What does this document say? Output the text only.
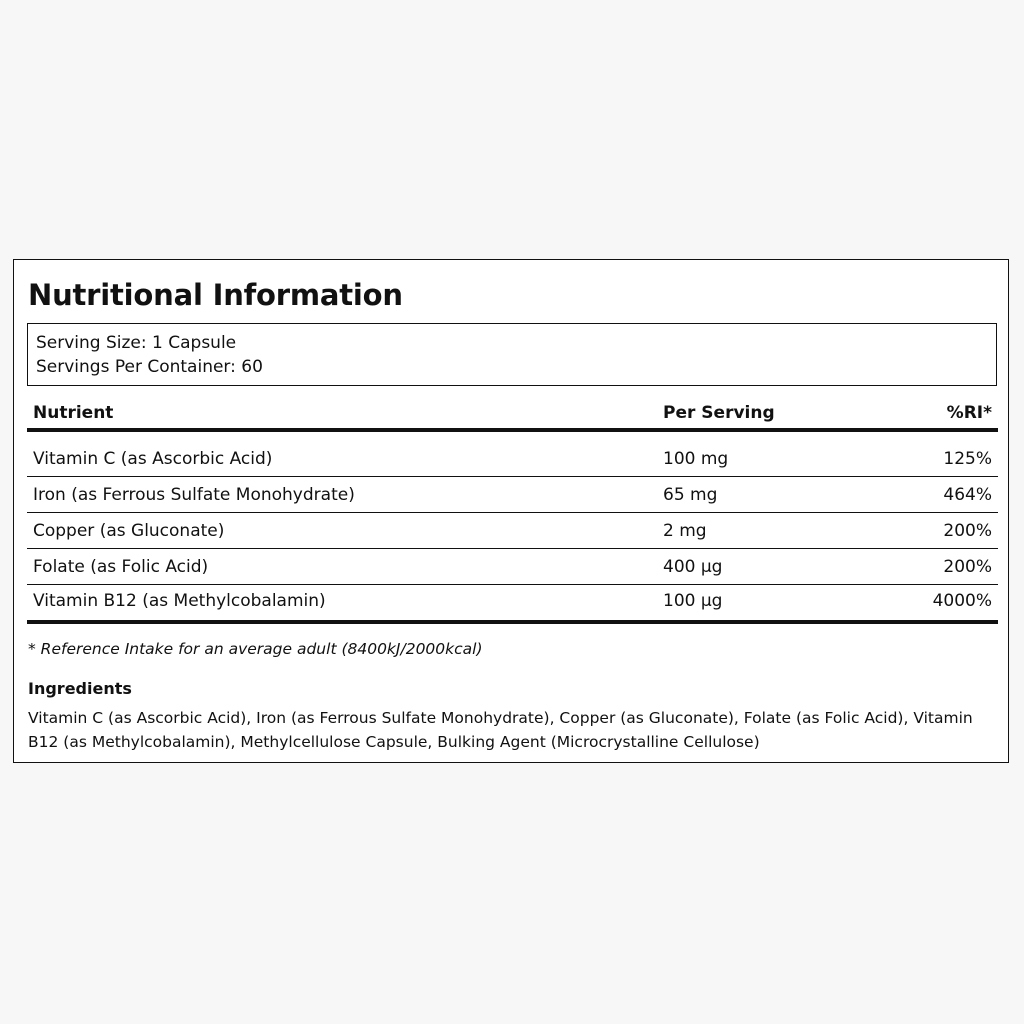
Nutritional Information
Serving Size: 1 Capsule
Servings Per Container: 60
Nutrient	Per Serving	%RI*
Vitamin C (as Ascorbic Acid)	100 mg	125%
Iron (as Ferrous Sulfate Monohydrate)	65 mg	464%
Copper (as Gluconate)	2 mg	200%
Folate (as Folic Acid)	400 µg	200%
Vitamin B12 (as Methylcobalamin)	100 µg	4000%
* Reference Intake for an average adult (8400kJ/2000kcal)
Ingredients

Vitamin C (as Ascorbic Acid), Iron (as Ferrous Sulfate Monohydrate), Copper (as Gluconate), Folate (as Folic Acid), Vitamin B12 (as Methylcobalamin), Methylcellulose Capsule, Bulking Agent (Microcrystalline Cellulose)
